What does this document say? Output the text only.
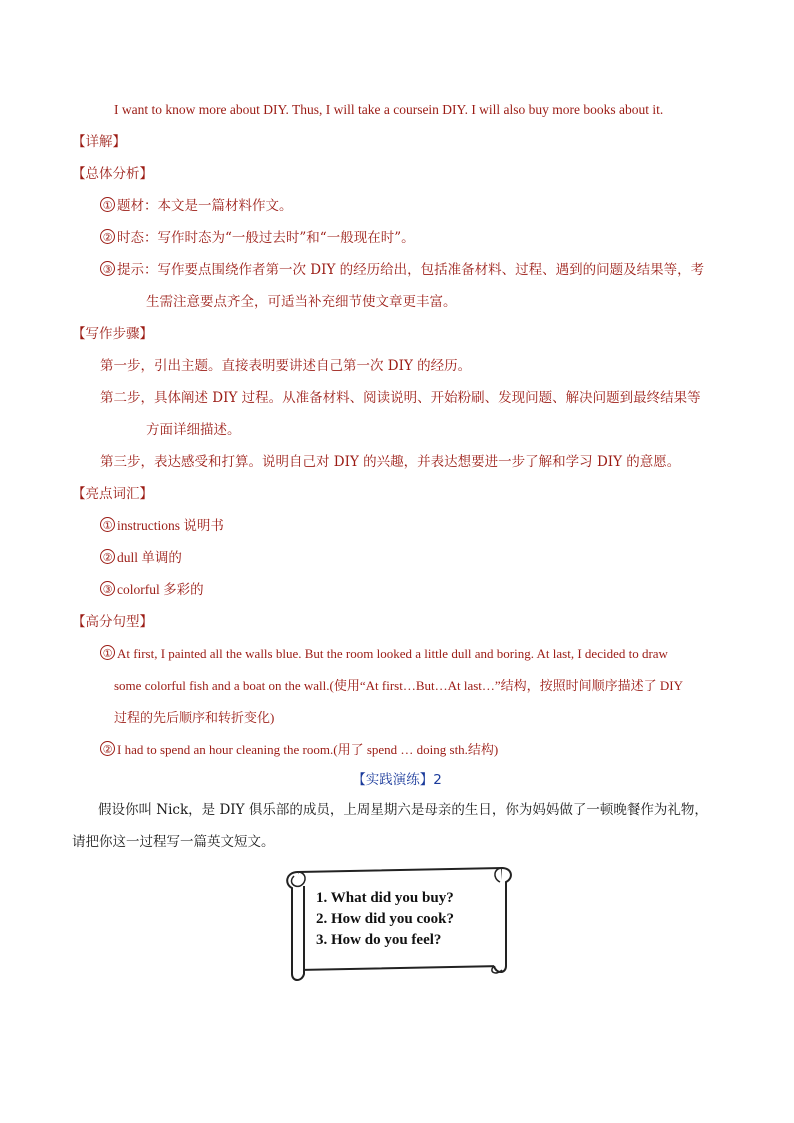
I want to know more about DIY. Thus, I will take a coursein DIY. I will also buy more books about it.
【详解】
【总体分析】
① 题材：本文是一篇材料作文。
② 时态：写作时态为“一般过去时”和“一般现在时”。
③ 提示：写作要点围绕作者第一次 DIY 的经历给出，包括准备材料、过程、遇到的问题及结果等，考
生需注意要点齐全，可适当补充细节使文章更丰富。
【写作步骤】
第一步，引出主题。直接表明要讲述自己第一次 DIY 的经历。
第二步，具体阐述 DIY 过程。从准备材料、阅读说明、开始粉刷、发现问题、解决问题到最终结果等
方面详细描述。
第三步，表达感受和打算。说明自己对 DIY 的兴趣，并表达想要进一步了解和学习 DIY 的意愿。
【亮点词汇】
① instructions 说明书
② dull 单调的
③ colorful 多彩的
【高分句型】
① At first, I painted all the walls blue. But the room looked a little dull and boring. At last, I decided to draw
some colorful fish and a boat on the wall.(使用“At first…But…At last…”结构，按照时间顺序描述了 DIY
过程的先后顺序和转折变化)
② I had to spend an hour cleaning the room.(用了 spend … doing sth.结构)
【实践演练】2
假设你叫 Nick，是 DIY 俱乐部的成员，上周星期六是母亲的生日，你为妈妈做了一顿晚餐作为礼物，
请把你这一过程写一篇英文短文。
1. What did you buy?
2. How did you cook?
3. How do you feel?
